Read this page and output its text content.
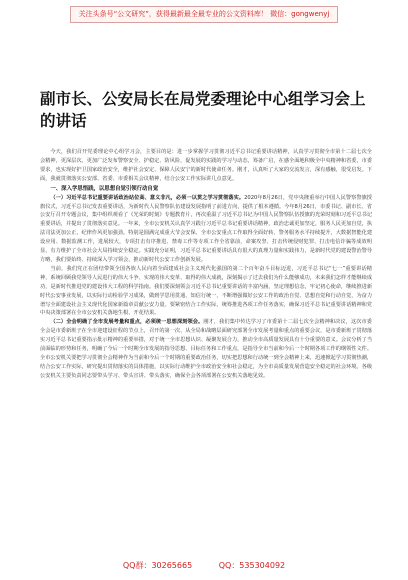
关注头条号“公文研究”，获得最新最全最专业的公文资料库！ 微信：gongwenyj
副市长、公安局长在局党委理论中心组学习会上的讲话

今天，我们召开党委理论中心组学习会，主要目的是：进一步掌握学习贯彻习近平总书记重要讲话精神，认真学习贯彻全市第十二届七次全会精神，更深层次、更加广泛发布警察安全、护稳定、防风险，促发展的实践的学习与动态，筹备广启，在感全面地积极全中央精神和省委、市委要求，也实现好护卫国家政治安全，维护社会安定、保障人民安宁的新时代使命任务。刚才，认真听了大家的交流发言，深有感触，很受启发。下面，我就贯彻落实公安部、省委、市委相关会议精神，结合公安工作实际讲几点意见。

一、深入学思悟践，以思想自觉引领行动自觉

（一）习近平总书记重要讲话政治站位高、意义非凡，必须一以贯之学习贯彻落实。2020年8月26日，党中央隆重举行中国人民警察警旗授旗仪式，习近平总书记发表重要讲话，为新时代人民警察队伍建设发展指明了前进方向，提供了根本遵循。今年8月26日，市委书记、副市长、省公安厅召开专题会议，集中组织观看了《光荣的时刻》专题教育片，再次重温了习近平总书记为中国人民警察队伍授旗的光荣时刻和习近平总书记重要讲话，并提出了贯彻落实意见。一年来，全市公安机关认真学习践行习近平总书记重要讲话精神，政治忠诚更加坚定，服务人民更加自觉，执法司法更加公正，纪律作风更加强劲。特别是圆满完成重大节会安保、全市公安重点工作取得全面好转、警务服务水平持续提升，大数据智能化建设应用、数据监测工作，进展较大，专项打击有序推进、禁毒工作等专项工作全省靠前，命案攻坚、打击传统侵财犯罪、打击电信诈骗等成效明显，有力维护了全市社会大局持续安全稳定。实践充分证明，习近平总书记重要讲话具有很大的真理力量和实践伟力，是新时代党的建设警治警导方略，我们要始终、持续深入学习领会，推动新时代公安工作创新发展。

当前，我们党正在团结带领全国各族人民向着全面建成社会主义现代化强国的第二个百年奋斗目标迈进，习近平总书记“七一”重要讲话精神，系统回顾我党领导人民进行的伟大斗争、实现的伟大变革、取得的伟大成就，深刻揭示了过去我们为什么能够成功，未来我们怎样才能继续成功，是新时代推进党的建设伟大工程的科学指南。我们要深刻领会习近平总书记重要讲话的丰富内涵，坚定理想信念，牢记初心使命，继续推进新时代公安事业发展，以实际行动检验学习成果，做到学思用贯通、知信行统一，不断增强做好公安工作的政治自觉、思想自觉和行动自觉，为奋力谱写全面建设社会主义现代化国家新篇章贡献公安力量。要紧密结合工作实际，统筹推进各项工作任务落实，确保习近平总书记重要讲话精神和党中央决策部署在全市公安机关落地生根、开花结果。

（二）全会明确了全市发展考量和重点，必须统一思想深刻领会。刚才，我们集中传达学习了市委第十二届七次全会精神和决议，这次市委全会是市委新班子在全市迎建设征程的节点上，召开的第一次、从全局和战略层面研究部署全市发展考量和重点的重要会议，是市委新班子贯彻落实习近平总书记重要指示批示精神的重要举措，对于统一全市思想认识、凝聚发展合力，推动全市高质量发展具有十分重要的意义。会议分析了当前面临的形势和任务，明确了今后一个时期全市发展的指导思想、目标任务和工作重点，是指导全市当前和今后一个时期各项工作的纲领性文件。全市公安机关要把学习贯彻全会精神作为当前和今后一个时期的重要政治任务，切实把思想和行动统一到全会精神上来，迅速掀起学习贯彻热潮，结合公安工作实际，研究提出贯彻落实的具体措施，以实际行动维护全市政治安全和社会稳定，为全市高质量发展营造安全稳定的社会环境。各级公安机关主要负责同志要带头学习、带头宣讲、带头落实，确保全会各项部署在公安机关落地见效。

QQ群：30265665	QQ：535304092
